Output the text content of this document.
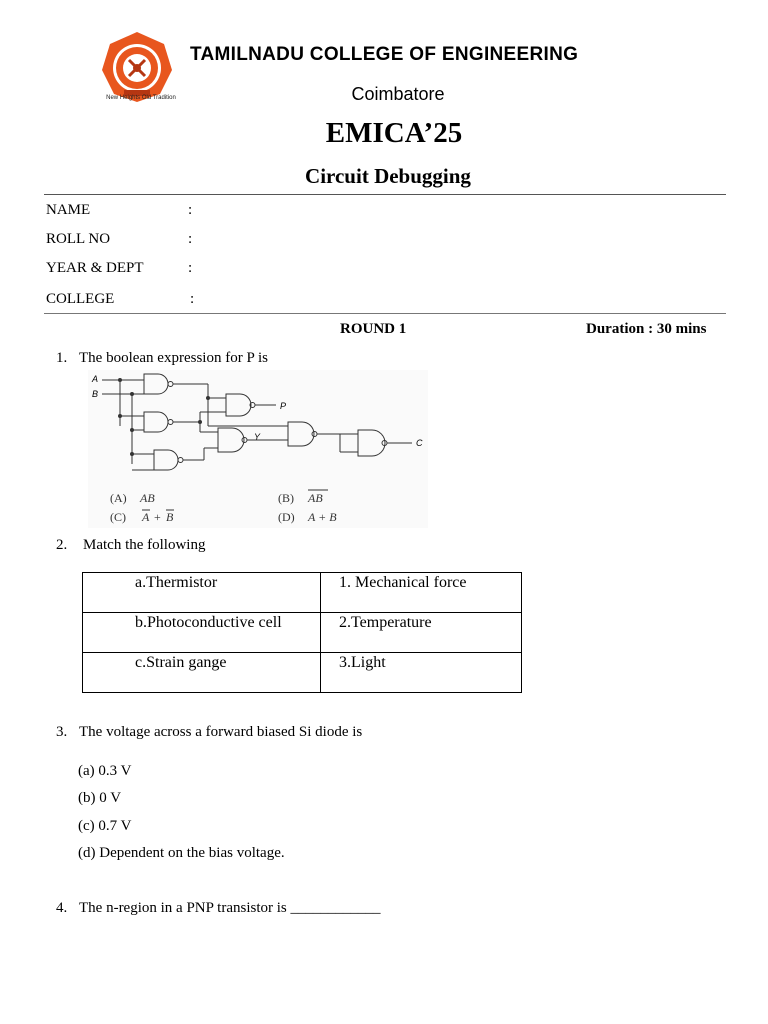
New Heights Old Tradition
TAMILNADU COLLEGE OF ENGINEERING
Coimbatore
EMICA’25
Circuit Debugging
NAME	:
ROLL NO	:
YEAR & DEPT	:
COLLEGE	:
ROUND 1	Duration : 30 mins
1. The boolean expression for P is
A
B
P
Y
C
(A) AB	(B) AB
(C) A + B	(D) A + B
2. Match the following
a.Thermistor	1. Mechanical force
b.Photoconductive cell	2.Temperature
c.Strain gange	3.Light
3. The voltage across a forward biased Si diode is
(a) 0.3 V
(b) 0 V
(c) 0.7 V
(d) Dependent on the bias voltage.
4. The n-region in a PNP transistor is ____________
